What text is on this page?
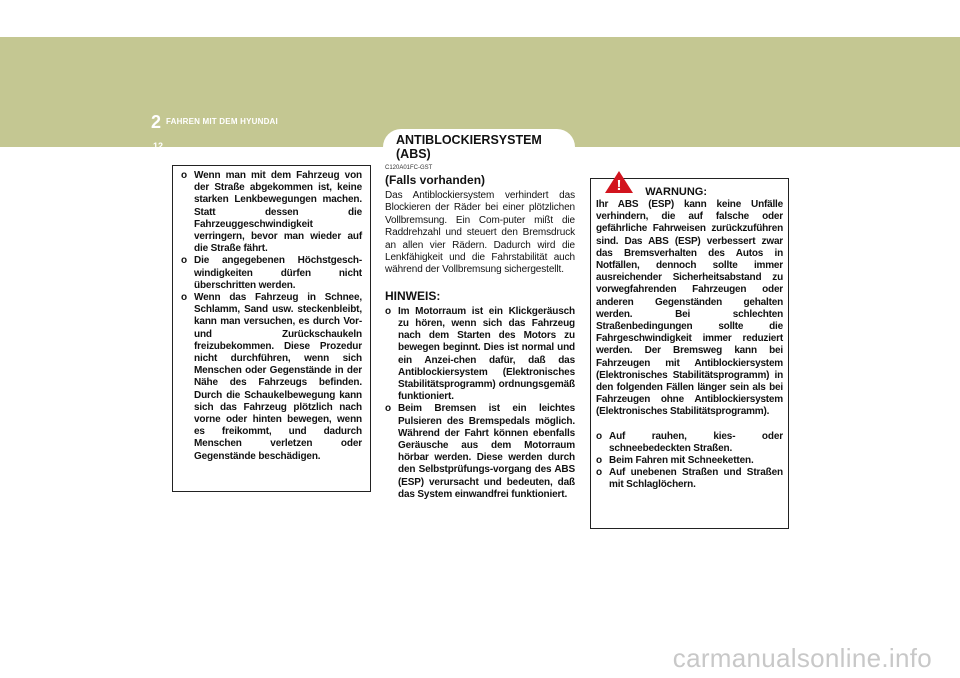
2 FAHREN MIT DEM HYUNDAI
12	ANTIBLOCKIERSYSTEM (ABS)
o Wenn man mit dem Fahrzeug von der Straße abgekommen ist, keine starken Lenkbewegungen machen. Statt dessen die Fahrzeuggeschwindigkeit verringern, bevor man wieder auf die Straße fährt.
o Die angegebenen Höchstgesch-windigkeiten dürfen nicht überschritten werden.
o Wenn das Fahrzeug in Schnee, Schlamm, Sand usw. steckenbleibt, kann man versuchen, es durch Vor- und Zurückschaukeln freizubekommen. Diese Prozedur nicht durchführen, wenn sich Menschen oder Gegenstände in der Nähe des Fahrzeugs befinden. Durch die Schaukelbewegung kann sich das Fahrzeug plötzlich nach vorne oder hinten bewegen, wenn es freikommt, und dadurch Menschen verletzen oder Gegenstände beschädigen.
C120A01FC-GST
(Falls vorhanden)
Das Antiblockiersystem verhindert das Blockieren der Räder bei einer plötzlichen Vollbremsung. Ein Com-puter mißt die Raddrehzahl und steuert den Bremsdruck an allen vier Rädern. Dadurch wird die Lenkfähigkeit und die Fahrstabilität auch während der Vollbremsung sichergestellt.
HINWEIS:
o Im Motorraum ist ein Klickgeräusch zu hören, wenn sich das Fahrzeug nach dem Starten des Motors zu bewegen beginnt. Dies ist normal und ein Anzei-chen dafür, daß das Antiblockiersystem (Elektronisches Stabilitätsprogramm) ordnungsgemäß funktioniert.
o Beim Bremsen ist ein leichtes Pulsieren des Bremspedals möglich. Während der Fahrt können ebenfalls Geräusche aus dem Motorraum hörbar werden. Diese werden durch den Selbstprüfungs-vorgang des ABS (ESP) verursacht und bedeuten, daß das System einwandfrei funktioniert.
WARNUNG:
Ihr ABS (ESP) kann keine Unfälle verhindern, die auf falsche oder gefährliche Fahrweisen zurückzuführen sind. Das ABS (ESP) verbessert zwar das Bremsverhalten des Autos in Notfällen, dennoch sollte immer ausreichender Sicherheitsabstand zu vorwegfahrenden Fahrzeugen oder anderen Gegenständen gehalten werden. Bei schlechten Straßenbedingungen sollte die Fahrgeschwindigkeit immer reduziert werden. Der Bremsweg kann bei Fahrzeugen mit Antiblockiersystem (Elektronisches Stabilitätsprogramm) in den folgenden Fällen länger sein als bei Fahrzeugen ohne Antiblockiersystem (Elektronisches Stabilitätsprogramm).
o Auf rauhen, kies- oder schneebedeckten Straßen.
o Beim Fahren mit Schneeketten.
o Auf unebenen Straßen und Straßen mit Schlaglöchern.
!
carmanualsonline.info
